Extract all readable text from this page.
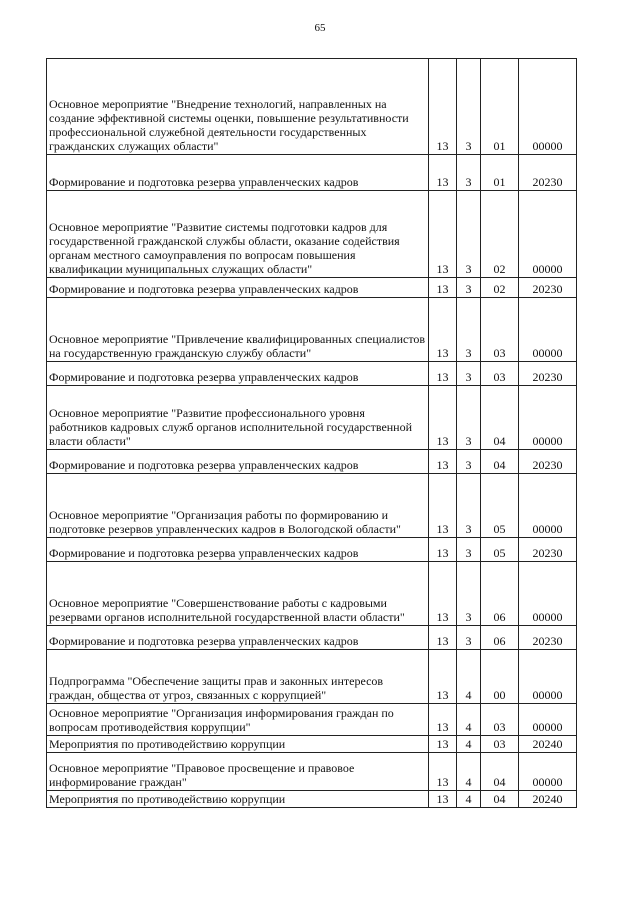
65
Основное мероприятие "Внедрение технологий, направленных на создание эффективной системы оценки, повышение результативности профессиональной служебной деятельности государственных гражданских служащих области"	13	3	01	00000
Формирование и подготовка резерва управленческих кадров	13	3	01	20230
Основное мероприятие "Развитие системы подготовки кадров для государственной гражданской службы области, оказание содействия органам местного самоуправления по вопросам повышения квалификации муниципальных служащих области"	13	3	02	00000
Формирование и подготовка резерва управленческих кадров	13	3	02	20230
Основное мероприятие "Привлечение квалифицированных специалистов на государственную гражданскую службу области"	13	3	03	00000
Формирование и подготовка резерва управленческих кадров	13	3	03	20230
Основное мероприятие "Развитие профессионального уровня работников кадровых служб органов исполнительной государственной власти области"	13	3	04	00000
Формирование и подготовка резерва управленческих кадров	13	3	04	20230
Основное мероприятие "Организация работы по формированию и подготовке резервов управленческих кадров в Вологодской области"	13	3	05	00000
Формирование и подготовка резерва управленческих кадров	13	3	05	20230
Основное мероприятие "Совершенствование работы с кадровыми резервами органов исполнительной государственной власти области"	13	3	06	00000
Формирование и подготовка резерва управленческих кадров	13	3	06	20230
Подпрограмма "Обеспечение защиты прав и законных интересов граждан, общества от угроз, связанных с коррупцией"	13	4	00	00000
Основное мероприятие "Организация информирования граждан по вопросам противодействия коррупции"	13	4	03	00000
Мероприятия по противодействию коррупции	13	4	03	20240
Основное мероприятие "Правовое просвещение и правовое информирование граждан"	13	4	04	00000
Мероприятия по противодействию коррупции	13	4	04	20240
